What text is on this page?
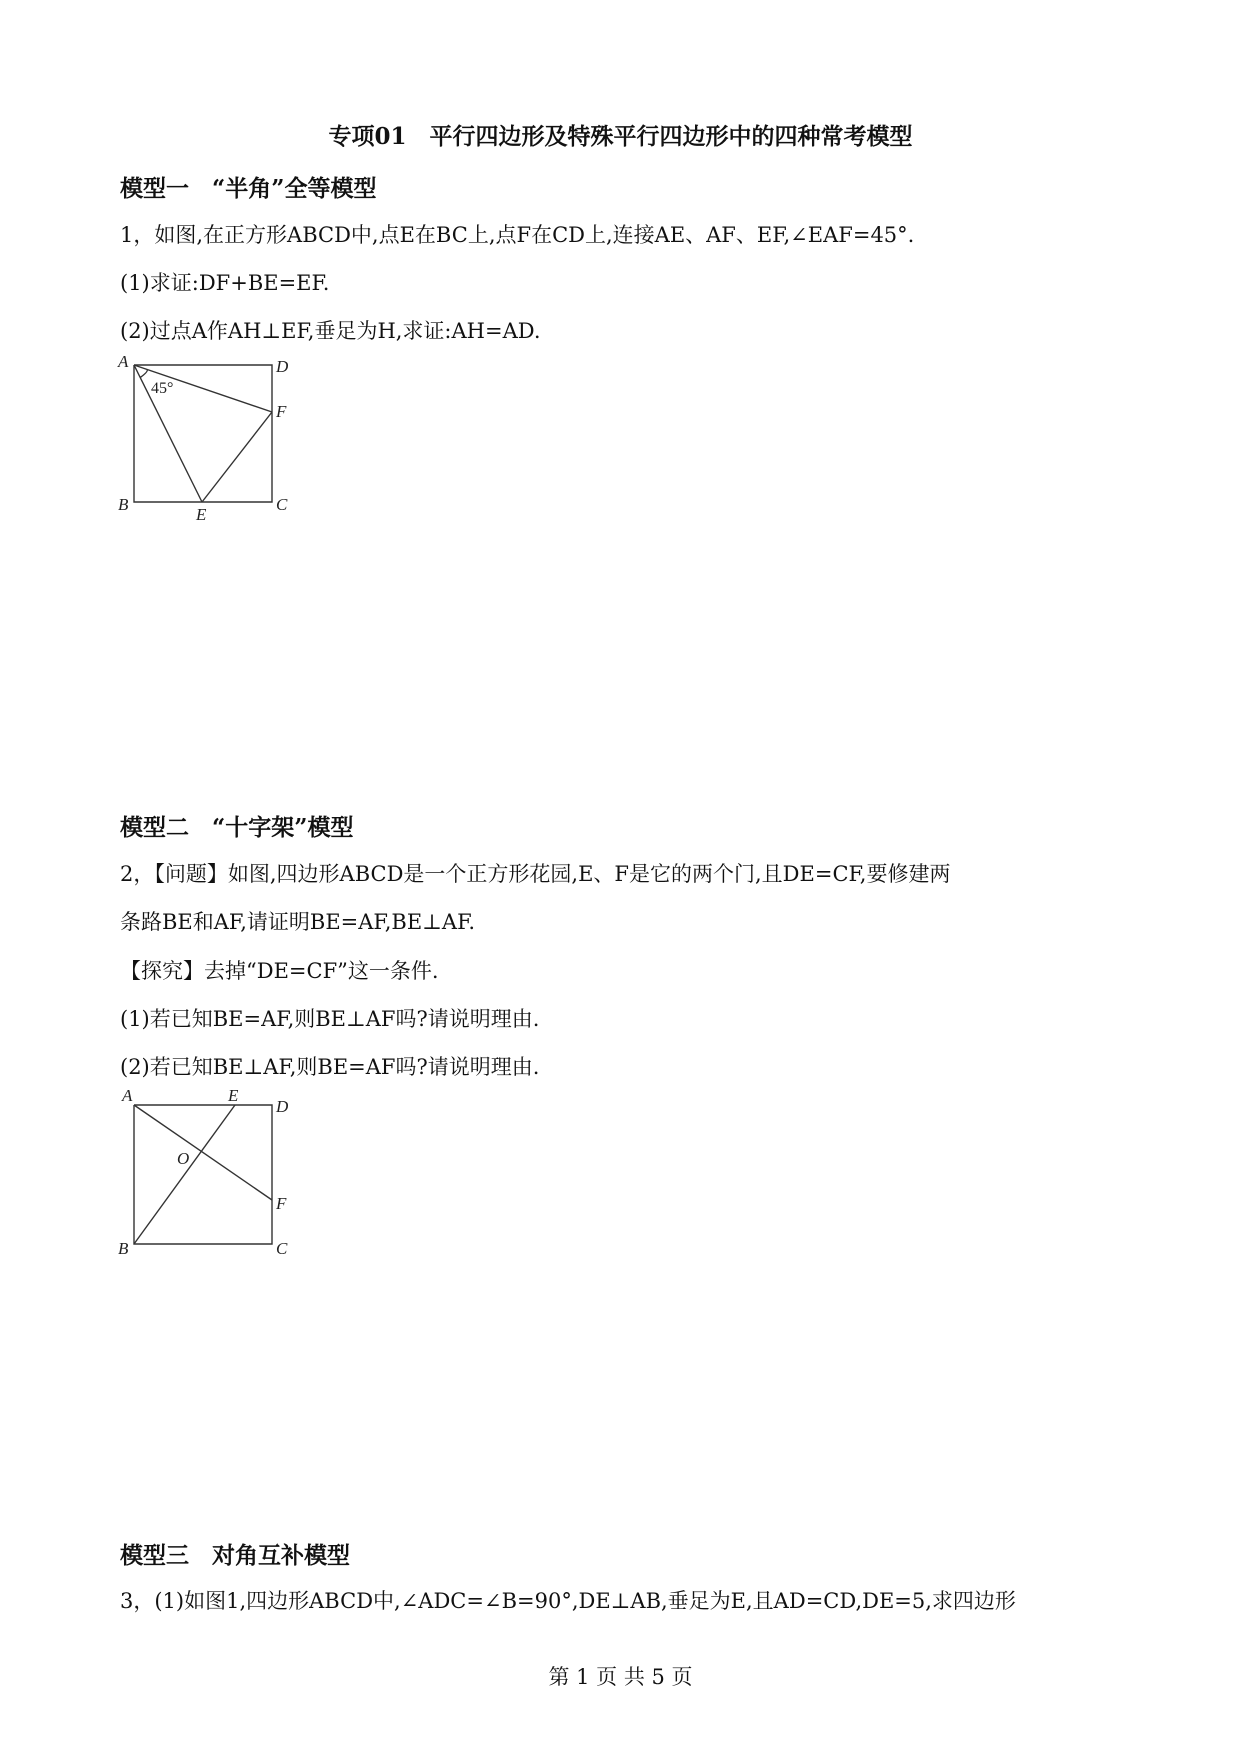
专项01　平行四边形及特殊平行四边形中的四种常考模型
模型一　“半角”全等模型
1，如图,在正方形ABCD中,点E在BC上,点F在CD上,连接AE、AF、EF,∠EAF=45°.
(1)求证:DF+BE=EF.
(2)过点A作AH⊥EF,垂足为H,求证:AH=AD.
A	D
F
B
E
C
45°
模型二　“十字架”模型
2，【问题】如图,四边形ABCD是一个正方形花园,E、F是它的两个门,且DE=CF,要修建两
条路BE和AF,请证明BE=AF,BE⊥AF.
【探究】去掉“DE=CF”这一条件.
(1)若已知BE=AF,则BE⊥AF吗?请说明理由.
(2)若已知BE⊥AF,则BE=AF吗?请说明理由.
A	E
D
O
F
B	C
模型三　对角互补模型
3，(1)如图1,四边形ABCD中,∠ADC=∠B=90°,DE⊥AB,垂足为E,且AD=CD,DE=5,求四边形
第 1 页 共 5 页
